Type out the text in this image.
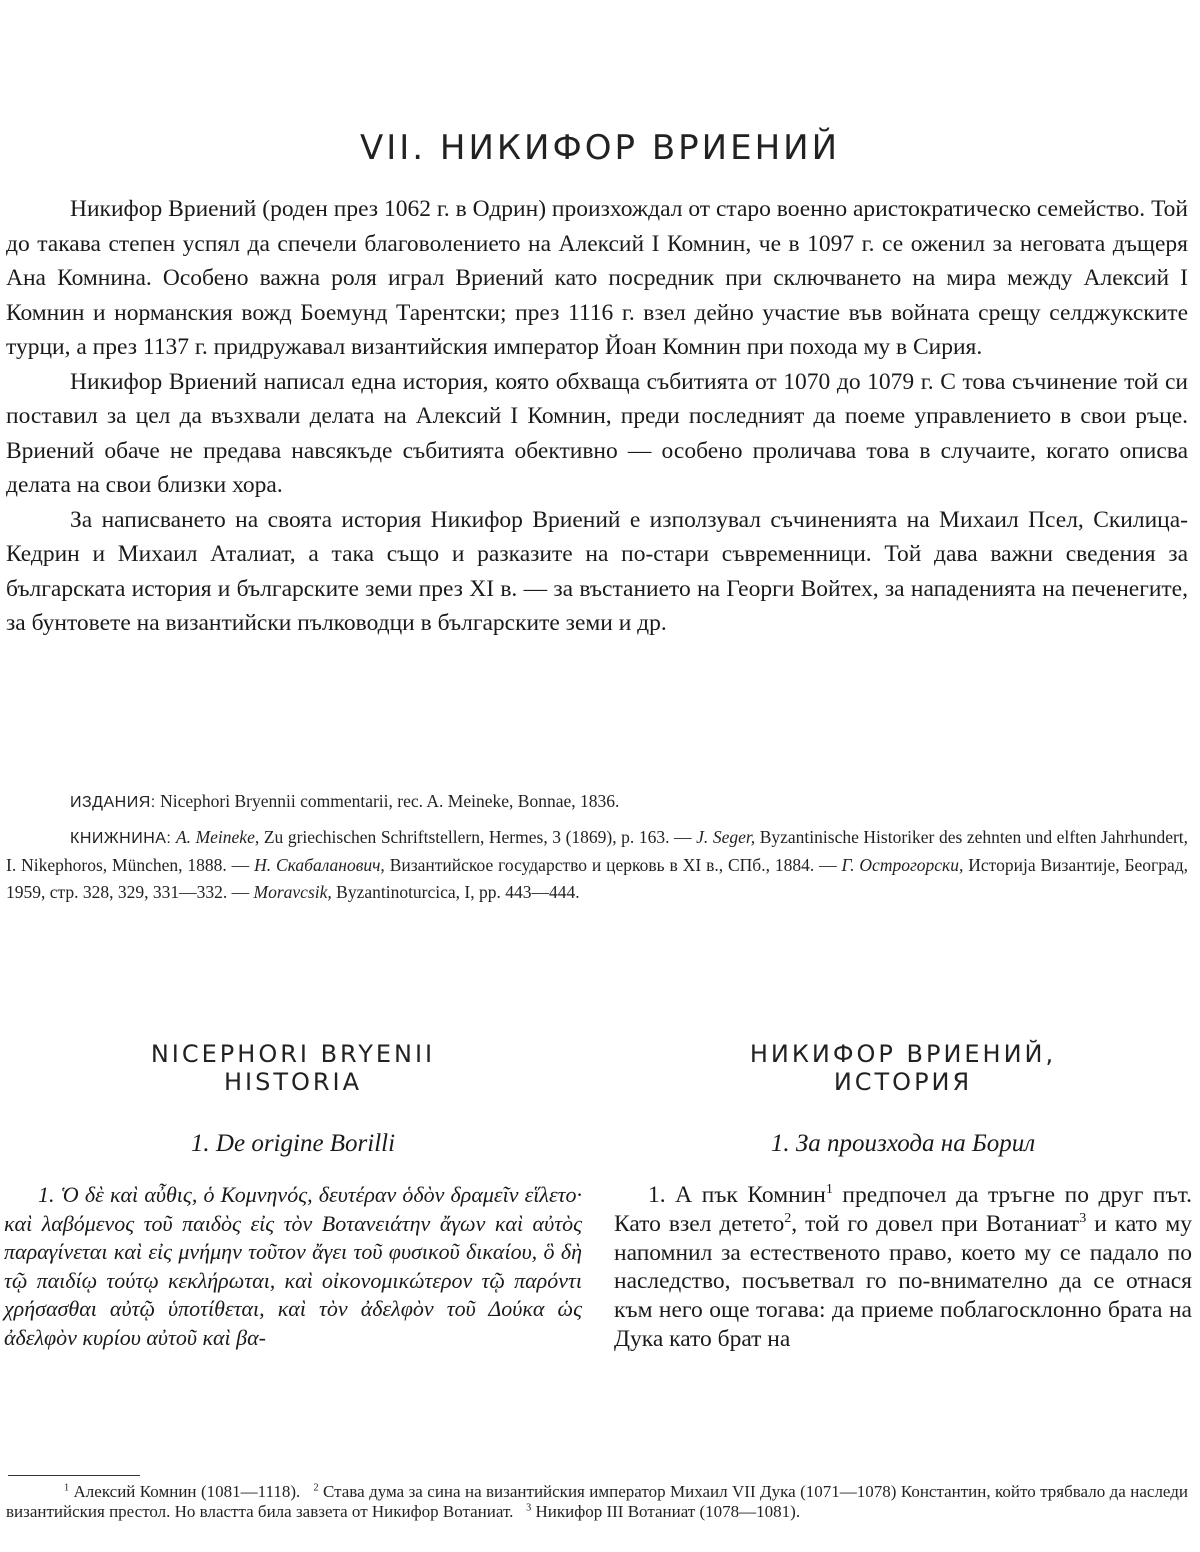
VII. НИКИФОР ВРИЕНИЙ

Никифор Вриений (роден през 1062 г. в Одрин) произхождал от старо военно аристократическо семейство. Той до такава степен успял да спечели благоволението на Алексий I Комнин, че в 1097 г. се оженил за неговата дъщеря Ана Комнина. Особено важна роля играл Вриений като посредник при сключването на мира между Алексий I Комнин и норманския вожд Боемунд Тарентски; през 1116 г. взел дейно участие във войната срещу селджукските турци, а през 1137 г. придружавал византийския император Йоан Комнин при похода му в Сирия.

Никифор Вриений написал една история, която обхваща събитията от 1070 до 1079 г. С това съчинение той си поставил за цел да възхвали делата на Алексий I Комнин, преди последният да поеме управлението в свои ръце. Вриений обаче не предава навсякъде събитията обективно — особено проличава това в случаите, когато описва делата на свои близки хора.

За написването на своята история Никифор Вриений е използувал съчиненията на Михаил Псел, Скилица-Кедрин и Михаил Аталиат, а така също и разказите на по-стари съвременници. Той дава важни сведения за българската история и българските земи през XI в. — за въстанието на Георги Войтех, за нападенията на печенегите, за бунтовете на византийски пълководци в българските земи и др.

ИЗДАНИЯ: Nicephori Bryennii commentarii, rec. A. Meineke, Bonnae, 1836.

КНИЖНИНА: A. Meineke, Zu griechischen Schriftstellern, Hermes, 3 (1869), p. 163. — J. Seger, Byzantinische Historiker des zehnten und elften Jahrhundert, I. Nikephoros, München, 1888. — Н. Скабаланович, Византийское государство и церковь в XI в., СПб., 1884. — Г. Острогорски, Историја Византије, Београд, 1959, стр. 328, 329, 331—332. — Moravcsik, Byzantinoturcica, I, pp. 443—444.

NICEPHORI BRYENII

HISTORIA

1. De origine Borilli

1. Ὁ δὲ καὶ αὖθις, ὁ Κομνηνός, δευτέραν ὁδὸν δραμεῖν εἵλετο· καὶ λαβόμενος τοῦ παιδὸς εἰς τὸν Βοτανειάτην ἄγων καὶ αὐτὸς παραγίνεται καὶ εἰς μνήμην τοῦτον ἄγει τοῦ φυσικοῦ δικαίου, ὃ δὴ τῷ παιδίῳ τούτῳ κεκλήρωται, καὶ οἰκονομικώτερον τῷ παρόντι χρήσασθαι αὐτῷ ὑποτίθεται, καὶ τὸν ἀδελφὸν τοῦ Δούκα ὡς ἀδελφὸν κυρίου αὐτοῦ καὶ βα-

НИКИФОР ВРИЕНИЙ,

ИСТОРИЯ

1. За произхода на Борил

1. А пък Комнин$^1$ предпочел да тръгне по друг път. Като взел детето$^2$, той го довел при Вотаниат$^3$ и като му напомнил за естественото право, което му се падало по наследство, посъветвал го по-внимателно да се отнася към него още тогава: да приеме поблагосклонно брата на Дука като брат на

$^1$ Алексий Комнин (1081—1118). $^2$ Става дума за сина на византийския император Михаил VII Дука (1071—1078) Константин, който трябвало да наследи византийския престол. Но властта била завзета от Никифор Вотаниат. $^3$ Никифор III Вотаниат (1078—1081).
